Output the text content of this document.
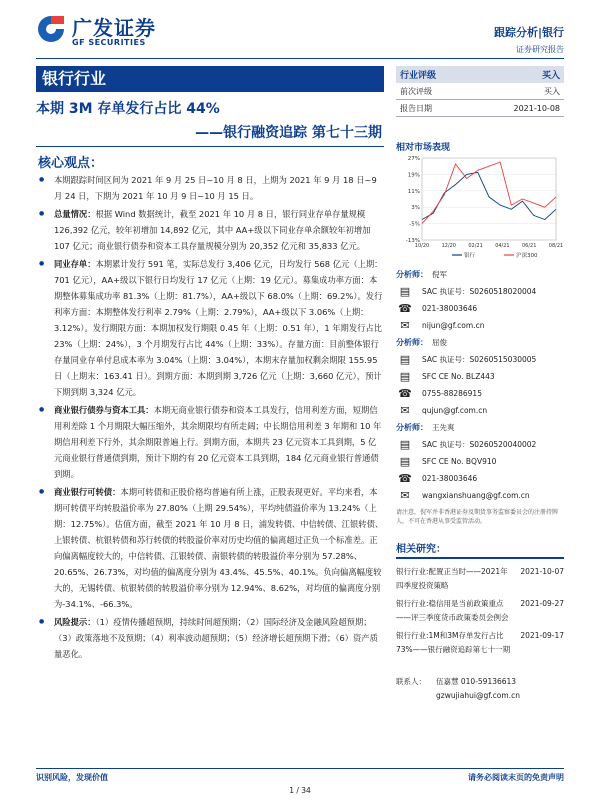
广发证券
GF SECURITIES
跟踪分析|银行
证券研究报告
银行行业
本期 3M 存单发行占比 44%
——银行融资追踪 第七十三期
核心观点：
● 本期跟踪时间区间为 2021 年 9 月 25 日~10 月 8 日，上期为 2021 年 9 月 18 日~9 月 24 日，下期为 2021 年 10 月 9 日~10 月 15 日。
● 总量情况：根据 Wind 数据统计，截至 2021 年 10 月 8 日，银行同业存单存量规模 126,392 亿元，较年初增加 14,892 亿元，其中 AA+级以下同业存单余额较年初增加 107 亿元；商业银行债券和资本工具存量规模分别为 20,352 亿元和 35,833 亿元。
● 同业存单：本期累计发行 591 笔，实际总发行 3,406 亿元，日均发行 568 亿元（上期：701 亿元），AA+级以下银行日均发行 17 亿元（上期：19 亿元）。募集成功率方面：本期整体募集成功率 81.3%（上期：81.7%），AA+级以下 68.0%（上期：69.2%）。发行利率方面：本期整体发行利率 2.79%（上期：2.79%），AA+级以下 3.06%（上期：3.12%）。发行期限方面：本期加权发行期限 0.45 年（上期：0.51 年），1 年期发行占比 23%（上期：24%），3 个月期发行占比 44%（上期：33%）。存量方面：目前整体银行存量同业存单付息成本率为 3.04%（上期：3.04%），本期末存量加权剩余期限 155.95 日（上期末：163.41 日）。到期方面：本期到期 3,726 亿元（上期：3,660 亿元），预计下期到期 3,324 亿元。
● 商业银行债券与资本工具：本期无商业银行债券和资本工具发行，信用利差方面，短期信用利差除 1 个月期限大幅压缩外，其余期限均有所走阔；中长期信用利差 3 年期和 10 年期信用利差下行外，其余期限普遍上行。到期方面，本期共 23 亿元资本工具到期，5 亿元商业银行普通债到期，预计下期约有 20 亿元资本工具到期，184 亿元商业银行普通债到期。
● 商业银行可转债：本期可转债和正股价格均普遍有所上涨，正股表现更好。平均来看，本期可转债平均转股溢价率为 27.80%（上期 29.54%），平均纯债溢价率为 13.24%（上期：12.75%）。估值方面，截至 2021 年 10 月 8 日，浦发转债、中信转债、江银转债、上银转债、杭银转债和苏行转债的转股溢价率对历史均值的偏离超过正负一个标准差。正向偏离幅度较大的，中信转债、江银转债、南银转债的转股溢价率分别为 57.28%、20.65%、26.73%，对均值的偏离度分别为 43.4%、45.5%、40.1%。负向偏离幅度较大的，无锡转债、杭银转债的转股溢价率分别为 12.94%、8.62%，对均值的偏离度分别为-34.1%、-66.3%。
● 风险提示：（1）疫情传播超预期，持续时间超预期；（2）国际经济及金融风险超预期；（3）政策落地不及预期；（4）利率波动超预期；（5）经济增长超预期下滑；（6）资产质量恶化。
行业评级	买入
前次评级	买入
报告日期	2021-10-08
相对市场表现
27%
19%
11%
3%
-5%
-13%
10/20 12/20 02/21 04/21 06/21 08/21
银行	沪深300
分析师： 倪军
▤	SAC 执证号：S0260518020004
☎ 021-38003646
✉	nijun@gf.com.cn
分析师： 屈俊
▤	SAC 执证号：S0260515030005
▤	SFC CE No. BLZ443
☎ 0755-88286915
✉	qujun@gf.com.cn
分析师： 王先爽
▤	SAC 执证号：S0260520040002
▤	SFC CE No. BQV910
☎ 021-38003646
✉	wangxianshuang@gf.com.cn
请注意，倪军并非香港证券及期货事务监察委员会的注册持牌人，不可在香港从事受监管活动。
相关研究：
银行行业:配置正当时——2021年四季度投资策略
2021-10-07
银行行业:稳信用是当前政策重点——评三季度货币政策委员会例会
2021-09-27
银行行业:1M和3M存单发行占比73%——银行融资追踪第七十一期
2021-09-17
联系人：	伍嘉慧 010-59136613
gzwujiahui@gf.com.cn
识别风险，发现价值	请务必阅读末页的免责声明
1 / 34
